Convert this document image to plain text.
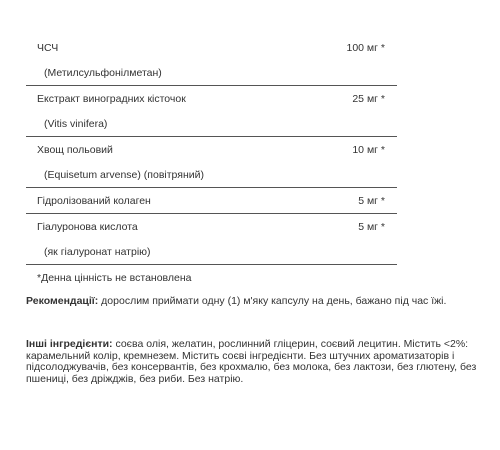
ЧСЧ	100 мг *
(Метилсульфонілметан)
Екстракт виноградних кісточок	25 мг *
(Vitis vinifera)
Хвощ польовий	10 мг *
(Equisetum arvense) (повітряний)
Гідролізований колаген	5 мг *
Гіалуронова кислота	5 мг *
(як гіалуронат натрію)
*Денна цінність не встановлена

Рекомендації: дорослим приймати одну (1) м'яку капсулу на день, бажано під час їжі.

Інші інгредієнти: соєва олія, желатин, рослинний гліцерин, соєвий лецитин. Містить <2%: карамельний колір, кремнезем. Містить соєві інгредієнти. Без штучних ароматизаторів і підсолоджувачів, без консервантів, без крохмалю, без молока, без лактози, без глютену, без пшениці, без дріжджів, без риби. Без натрію.
